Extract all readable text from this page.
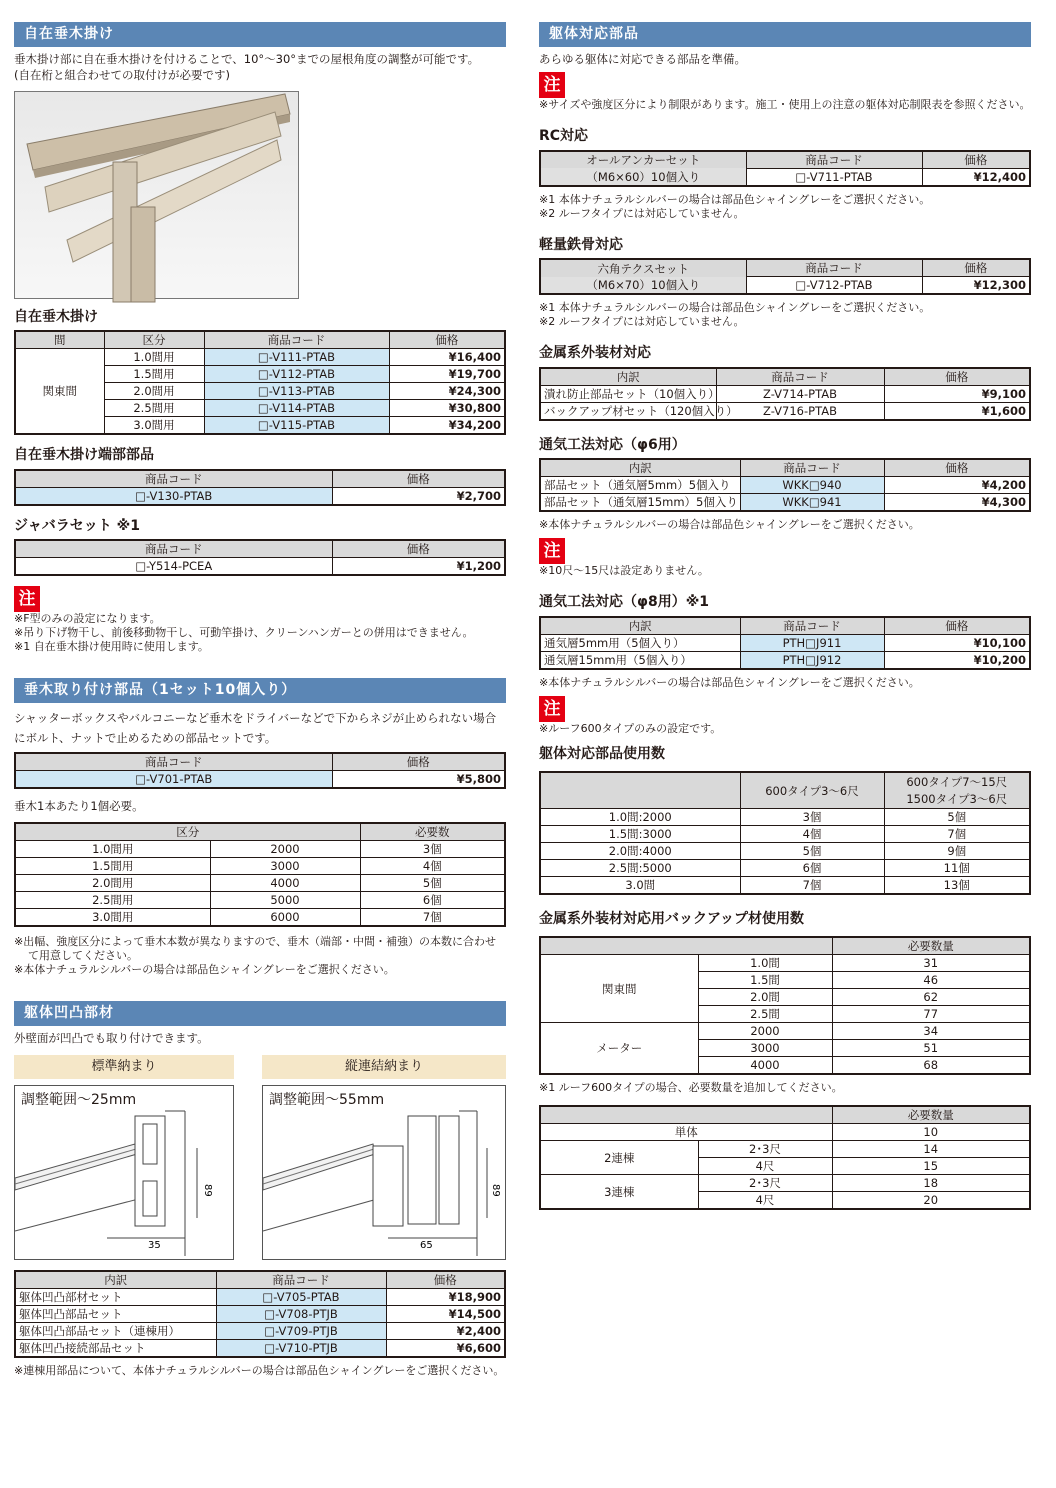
自在垂木掛け
垂木掛け部に自在垂木掛けを付けることで、10°〜30°までの屋根角度の調整が可能です。
(自在桁と組合わせての取付けが必要です)
自在垂木掛け
間	区分	商品コード	価格
関東間	1.0間用	□-V111-PTAB	¥16,400
	1.5間用	□-V112-PTAB	¥19,700
	2.0間用	□-V113-PTAB	¥24,300
	2.5間用	□-V114-PTAB	¥30,800
	3.0間用	□-V115-PTAB	¥34,200
自在垂木掛け端部部品
商品コード	価格
□-V130-PTAB	¥2,700
ジャバラセット ※1
商品コード	価格
□-Y514-PCEA	¥1,200
注
※F型のみの設定になります。
※吊り下げ物干し、前後移動物干し、可動竿掛け、クリーンハンガーとの併用はできません。
※1 自在垂木掛け使用時に使用します。
垂木取り付け部品（1セット10個入り）
シャッターボックスやバルコニーなど垂木をドライバーなどで下からネジが止められない場合にボルト、ナットで止めるための部品セットです。
商品コード	価格
□-V701-PTAB	¥5,800
垂木1本あたり1個必要。
区分		必要数
1.0間用	2000	3個
1.5間用	3000	4個
2.0間用	4000	5個
2.5間用	5000	6個
3.0間用	6000	7個
※出幅、強度区分によって垂木本数が異なりますので、垂木（端部・中間・補強）の本数に合わせて用意してください。
※本体ナチュラルシルバーの場合は部品色シャイングレーをご選択ください。
躯体凹凸部材
外壁面が凹凸でも取り付けできます。
標準納まり
調整範囲〜25mm
89
35
縦連結納まり
調整範囲〜55mm
89
65
内訳	商品コード	価格
躯体凹凸部材セット	□-V705-PTAB	¥18,900
躯体凹凸部品セット	□-V708-PTJB	¥14,500
躯体凹凸部品セット（連棟用）	□-V709-PTJB	¥2,400
躯体凹凸接続部品セット	□-V710-PTJB	¥6,600
※連棟用部品について、本体ナチュラルシルバーの場合は部品色シャイングレーをご選択ください。
躯体対応部品
あらゆる躯体に対応できる部品を準備。
注
※サイズや強度区分により制限があります。施工・使用上の注意の躯体対応制限表を参照ください。
RC対応
オールアンカーセット	商品コード	価格
（M6×60）10個入り	□-V711-PTAB	¥12,400
※1 本体ナチュラルシルバーの場合は部品色シャイングレーをご選択ください。
※2 ルーフタイプには対応していません。
軽量鉄骨対応
六角テクスセット	商品コード	価格
（M6×70）10個入り	□-V712-PTAB	¥12,300
※1 本体ナチュラルシルバーの場合は部品色シャイングレーをご選択ください。
※2 ルーフタイプには対応していません。
金属系外装材対応
内訳	商品コード	価格
潰れ防止部品セット（10個入り）	Z-V714-PTAB	¥9,100
バックアップ材セット（120個入り）	Z-V716-PTAB	¥1,600
通気工法対応（φ6用）
内訳	商品コード	価格
部品セット（通気層5mm）5個入り	WKK□940	¥4,200
部品セット（通気層15mm）5個入り	WKK□941	¥4,300
※本体ナチュラルシルバーの場合は部品色シャイングレーをご選択ください。
注
※10尺〜15尺は設定ありません。
通気工法対応（φ8用）※1
内訳	商品コード	価格
通気層5mm用（5個入り）	PTH□J911	¥10,100
通気層15mm用（5個入り）	PTH□J912	¥10,200
※本体ナチュラルシルバーの場合は部品色シャイングレーをご選択ください。
注
※ルーフ600タイプのみの設定です。
躯体対応部品使用数
	600タイプ3〜6尺	600タイプ7〜15尺
1500タイプ3〜6尺
1.0間:2000	3個	5個
1.5間:3000	4個	7個
2.0間:4000	5個	9個
2.5間:5000	6個	11個
3.0間	7個	13個
金属系外装材対応用バックアップ材使用数
		必要数量
関東間	1.0間	31
	1.5間	46
	2.0間	62
	2.5間	77
メーター	2000	34
	3000	51
	4000	68
※1 ルーフ600タイプの場合、必要数量を追加してください。
		必要数量
単体		10
2連棟	2･3尺	14
	4尺	15
3連棟	2･3尺	18
	4尺	20
